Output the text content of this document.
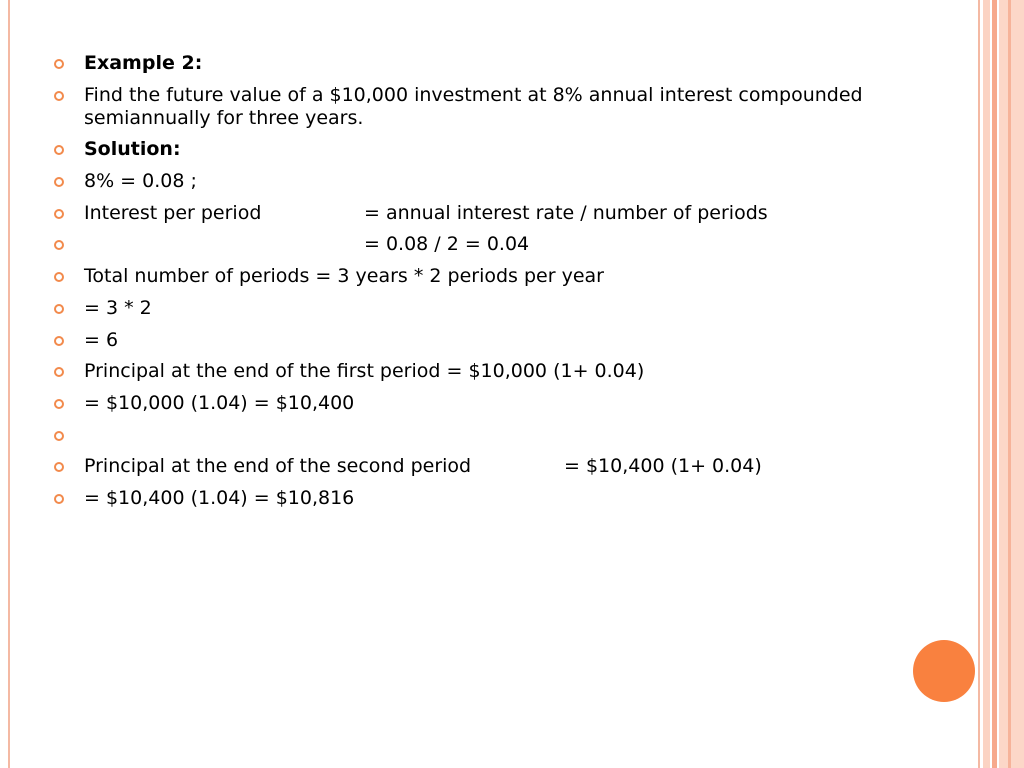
Example 2:
Find the future value of a $10,000 investment at 8% annual interest compounded semiannually for three years.
Solution:
8% = 0.08 ;
Interest per period	= annual interest rate / number of periods
= 0.08 / 2 = 0.04
Total number of periods = 3 years * 2 periods per year
= 3 * 2
= 6
Principal at the end of the first period = $10,000 (1+ 0.04)
= $10,000 (1.04) = $10,400
Principal at the end of the second period	= $10,400 (1+ 0.04)
= $10,400 (1.04) = $10,816
